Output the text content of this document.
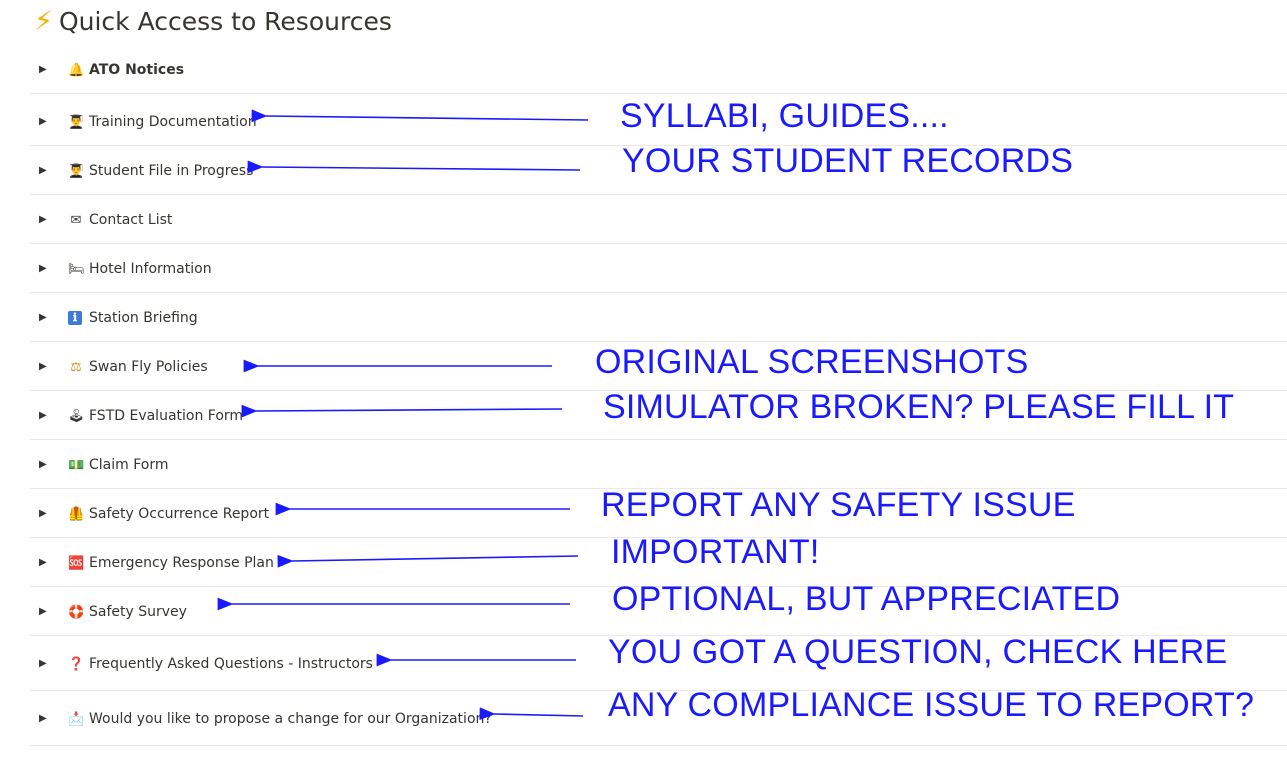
⚡ Quick Access to Resources
▶ 🔔 ATO Notices
▶ 👨‍🎓 Training Documentation
▶ 👨‍🎓 Student File in Progress
▶ ✉ Contact List
▶ 🛏 Hotel Information
▶	ℹ Station Briefing
▶ ⚖ Swan Fly Policies
▶ 🕹 FSTD Evaluation Form
▶ 💵 Claim Form
▶ 🦺 Safety Occurrence Report
▶ 🆘 Emergency Response Plan
▶ 🛟 Safety Survey
▶ ❓ Frequently Asked Questions - Instructors
▶ 📩 Would you like to propose a change for our Organization?
SYLLABI, GUIDES....
YOUR STUDENT RECORDS
ORIGINAL SCREENSHOTS
SIMULATOR BROKEN? PLEASE FILL IT
REPORT ANY SAFETY ISSUE
IMPORTANT!
OPTIONAL, BUT APPRECIATED
YOU GOT A QUESTION, CHECK HERE
ANY COMPLIANCE ISSUE TO REPORT?
